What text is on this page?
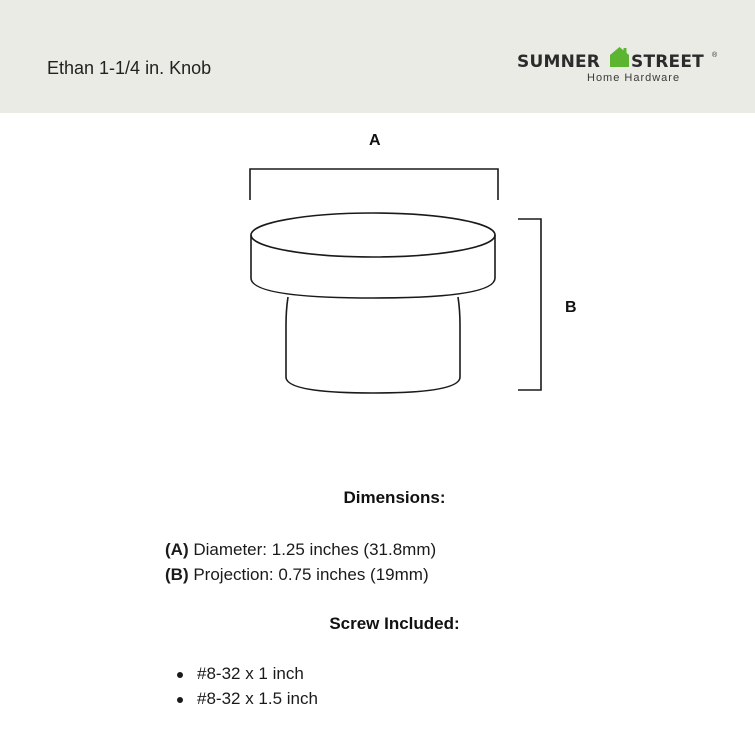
Ethan 1-1/4 in. Knob	SUMNER STREET ®
Home Hardware
A
B
Dimensions:
(A) Diameter: 1.25 inches (31.8mm)
(B) Projection: 0.75 inches (19mm)
Screw Included:
#8-32 x 1 inch
#8-32 x 1.5 inch
